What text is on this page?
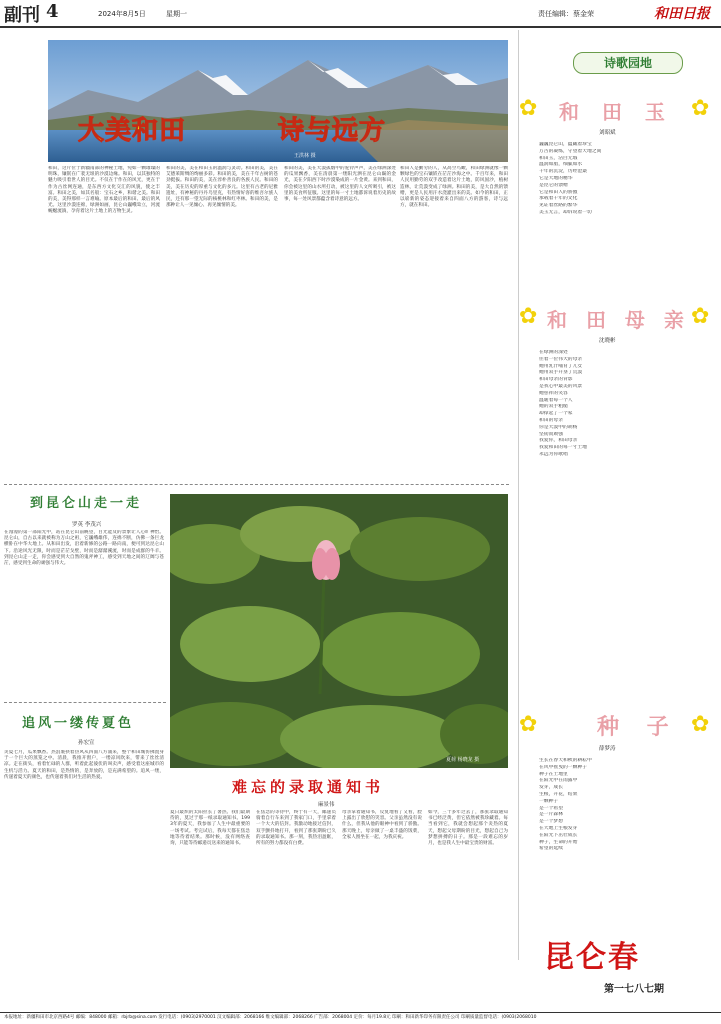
副刊 4	2024年8月5日	星期一	责任编辑：蔡金荣	和田日报
大美和田	诗与远方
王洪林 摄
和田，这片位于新疆南部的神秘土地，宛如一颗璀璨的明珠，镶嵌在广袤无垠的沙漠边缘。和田，以其独特的魅力吸引着世人的目光。不仅在于作在的风光，更在于作为古丝网连通，是东西方文化交汇的风貌，使之丰富。和田之美，如其名般：宝石之乡，和谐之美。和田的美，美得那样一言难喻。原本最后的和田、最后的风光。这里沙漠连绵，绿洲如画，昆仑山巍峨耸立，河流蜿蜒流淌，孕育着这片土地上的万物生灵。
和田的美，美在和田玉的温润与灵动。和田的美，美在艾德莱斯绸的绚丽多彩。和田的美，美在千年古树的苍劲挺拔。和田的美，美在淳朴善良的各族人民。和田的美，美在历史的厚重与文化的多元。这里有古老的尼雅遗址，有神秘的丹丹乌里克，有热情好客的维吾尔族人民，还有那一望无际的核桃林和红枣林。和田的美，是那种让人一见倾心、再见倾情的美。
和田的美，美在大漠孤烟中的驼铃声声，美在绿洲深处的瓜果飘香，美在清晨第一缕阳光洒在昆仑山巅的金光，美在夕阳西下时沙漠染成的一片金黄。来到和田，你会被这里的山水所打动，被这里的人文所吸引，被这里的美食所征服。这里的每一寸土地都诉说着历史的故事，每一处风景都蕴含着诗意的远方。
和田人是勤劳的人，从高空鸟瞰，和田绿洲就像一颗颗绿色的宝石镶嵌在茫茫沙海之中。千百年来，和田人民用勤劳的双手改造着这片土地，防风固沙，植树造林，让荒漠变成了绿洲。和田的美，是大自然的馈赠，更是人民用汗水浇灌出来的美。如今的和田，正以崭新的姿态迎接着来自四面八方的游客，诗与远方，就在和田。
诗歌园地
✿ 和 田 玉 ✿
刘昭斌
巍巍昆仑山，蕴藏着珍宝
万古的凝练，守望着天地之间
和田玉，洁白无瑕
温润如脂，细腻如水
千年的沉淀，历经沧桑
它是大地的精华
是昆仑的馈赠
它是和田人的骄傲
承载着千年的文化
见证着丝路的繁华
美玉无言，却诉说着一切
✿ 和 田 母 亲 ✿
沈晓彬
在绿洲的深处
住着一位伟大的母亲
她用乳汁哺育了儿女
她用双手开垦了荒漠
和田母亲的背影
是我心中最美的风景
她慈祥的笑容
温暖着每一个人
她的双手粗糙
却撑起了一个家
和田的母亲
你是大漠中的胡杨
坚韧而顽强
我爱你，和田母亲
我爱和田的每一寸土地
永远为你歌唱
✿	种 子 ✿
薛梦涛
生长在春天和秋的耕耘中
在风中摇曳的一颗种子
种子在土地里
在阳光中在雨露中
发芽，成长
生根，开花，结果
一颗种子
是一个希望
是一片森林
是一个梦想
在大地上生根发芽
在阳光下茁壮成长
种子，生命的开始
希望的延续
到昆仑山走一走
罗英 李茂兴
在漫漫的第一部阳光中，站在昆仑山前眺望，目光能及的景象让人心旷神怡。昆仑山，自古以来就被称为万山之祖，它巍峨雄伟，连绵不断，仿佛一条巨龙横卧在中华大地上。从和田出发，沿着新修的公路一路向南，便可到达昆仑山下。沿途风光无限，时而是茫茫戈壁，时而是潺潺溪流，时而是成群的牛羊。到昆仑山走一走，你会感受到大自然的鬼斧神工，感受到天地之间的辽阔与苍茫，感受到生命的顽强与伟大。
夏荷 杨晓龙 摄
追风一缕传夏色
孙宏宣
炎夏七月，瓜果飘香。热浪裹挟着热风从四面八方涌来，整个和田城仿佛置身于一个巨大的蒸笼之中。清晨，我推开窗户，一缕凉风吹来，带来了丝丝清凉。走在街头，看着忙碌的人群，听着此起彼伏的叫卖声，感受着这座城市的生机与活力。夏天的和田，是热情的，是奔放的，是充满希望的。追风一缕，传递着夏天的颜色，也传递着我们对生活的热爱。
难忘的录取通知书
麻景伟
夏日最炽的太阳拉长了暑热。我们最期待的，莫过于那一纸录取通知书。1993年的夏天，我参加了人生中最重要的一场考试。考完试后，我每天都在焦急地等待着结果。那时候，没有网络查询，只能等待邮递员送来的通知书。
在焦急的等待中，终于有一天，邮递员骑着自行车来到了我家门口，手里拿着一个大大的信封。我激动地接过信封，双手颤抖地打开，看到了那张期盼已久的录取通知书。那一刻，我热泪盈眶，所有的努力都没有白费。
母亲拿着通知书，反复地看了又看，脸上露出了欣慰的笑容。父亲虽然没有说什么，但我从他的眼神中看到了骄傲。那天晚上，母亲做了一桌丰盛的饭菜，全家人围坐在一起，为我庆祝。
如今，三十多年过去了，那张录取通知书已经泛黄，但它依然被我珍藏着。每当看到它，我就会想起那个炎热的夏天，想起父母期盼的目光，想起自己为梦想拼搏的日子。那是一段难忘的岁月，也是我人生中最宝贵的财富。
昆仑春
第一七八七期
本报地址：新疆和田市北京西路4号 邮编：848000 邮箱：rbjrb@sina.com 发行电话：(0903)2970001 汉文编辑部：2068166 维文编辑部：2068266 广告部：2068004 定价：每月19.8元 印刷：和田新华印务有限责任公司 印刷质量监督电话：(0903)2068010
